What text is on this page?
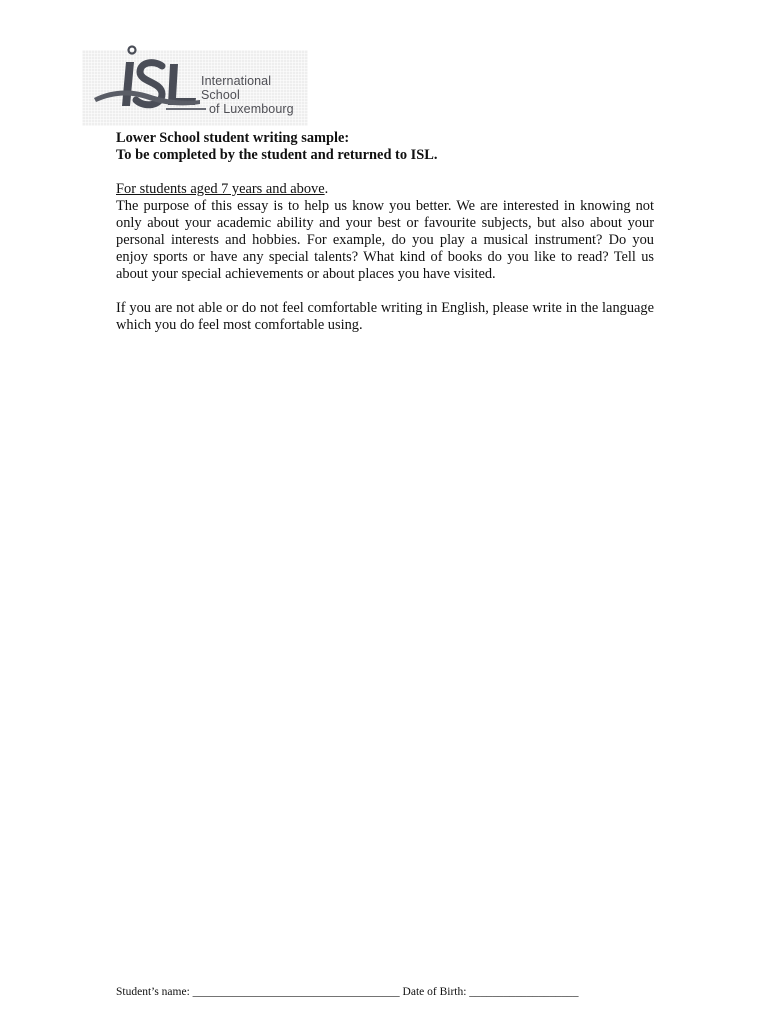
International School
of Luxembourg
Lower School student writing sample:
To be completed by the student and returned to ISL.
For students aged 7 years and above.
The purpose of this essay is to help us know you better. We are interested in knowing not only about your academic ability and your best or favourite subjects, but also about your personal interests and hobbies. For example, do you play a musical instrument? Do you enjoy sports or have any special talents? What kind of books do you like to read? Tell us about your special achievements or about places you have visited.
If you are not able or do not feel comfortable writing in English, please write in the language which you do feel most comfortable using.
Student’s name: ____________________________________ Date of Birth: ___________________
